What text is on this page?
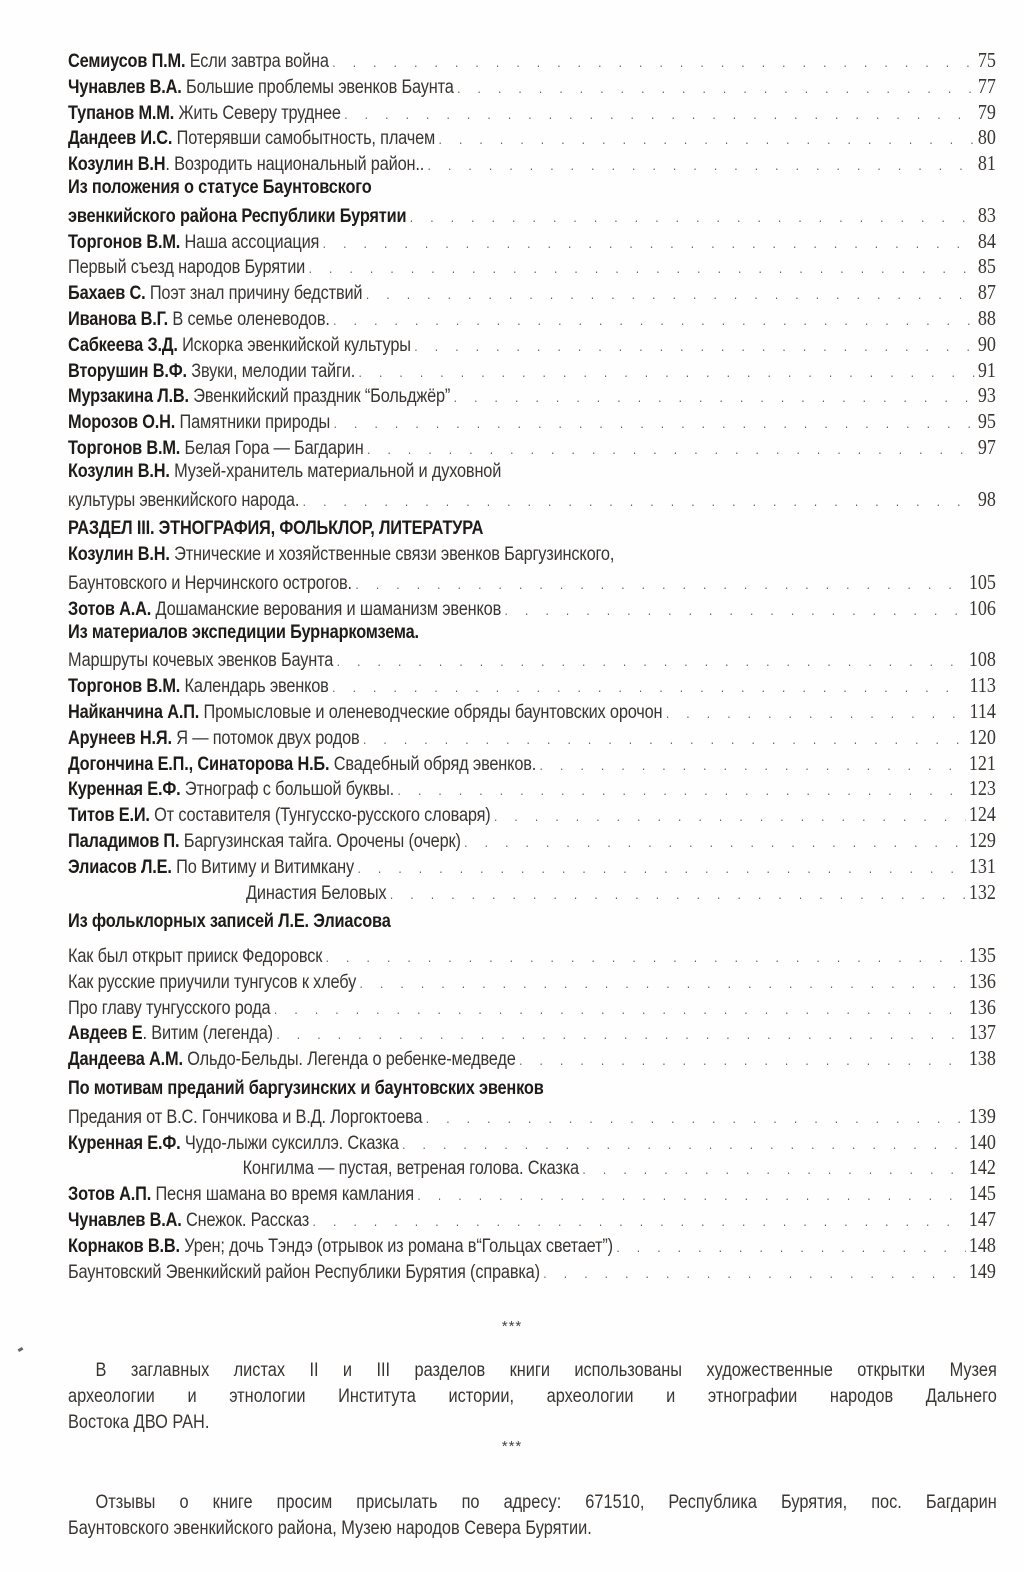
Семиусов П.М. Если завтра война . . .	75
Чунавлев В.А. Большие проблемы эвенков Баунта . . .	77
Тупанов М.М. Жить Северу труднее . . .	79
Дандеев И.С. Потерявши самобытность, плачем . . .	80
Козулин В.Н. Возродить национальный район.. . . .	81
Из положения о статусе Баунтовского
эвенкийского района Республики Бурятии . . .	83
Торгонов В.М. Наша ассоциация . . .	84
Первый съезд народов Бурятии . . .	85
Бахаев С. Поэт знал причину бедствий . . .	87
Иванова В.Г. В семье оленеводов. . . .	88
Сабкеева З.Д. Искорка эвенкийской культуры . . .	90
Вторушин В.Ф. Звуки, мелодии тайги. . . .	91
Мурзакина Л.В. Эвенкийский праздник “Больджёр” . . .	93
Морозов О.Н. Памятники природы . . .	95
Торгонов В.М. Белая Гора — Багдарин . . .	97
Козулин В.Н. Музей-хранитель материальной и духовной
культуры эвенкийского народа. . . .	98
РАЗДЕЛ III. ЭТНОГРАФИЯ, ФОЛЬКЛОР, ЛИТЕРАТУРА
Козулин В.Н. Этнические и хозяйственные связи эвенков Баргузинского,
Баунтовского и Нерчинского острогов. . . .	105
Зотов А.А. Дошаманские верования и шаманизм эвенков . . .	106
Из материалов экспедиции Бурнаркомзема.
Маршруты кочевых эвенков Баунта . . .	108
Торгонов В.М. Календарь эвенков . . .	113
Найканчина А.П. Промысловые и оленеводческие обряды баунтовских орочон . . .	114
Арунеев Н.Я. Я — потомок двух родов . . .	120
Догончина Е.П., Синаторова Н.Б. Свадебный обряд эвенков. . . .	121
Куренная Е.Ф. Этнограф с большой буквы. . . .	123
Титов Е.И. От составителя (Тунгусско-русского словаря) . . .	124
Паладимов П. Баргузинская тайга. Орочены (очерк) . . .	129
Элиасов Л.Е. По Витиму и Витимкану . . .	131
Династия Беловых . . .	132
Из фольклорных записей Л.Е. Элиасова
Как был открыт прииск Федоровск . . .	135
Как русские приучили тунгусов к хлебу . . .	136
Про главу тунгусского рода . . .	136
Авдеев Е. Витим (легенда) . . .	137
Дандеева А.М. Ольдо-Бельды. Легенда о ребенке-медведе . . .	138
По мотивам преданий баргузинских и баунтовских эвенков
Предания от В.С. Гончикова и В.Д. Лоргоктоева . . .	139
Куренная Е.Ф. Чудо-лыжи суксиллэ. Сказка . . .	140
Конгилма — пустая, ветреная голова. Сказка . . .	142
Зотов А.П. Песня шамана во время камлания . . .	145
Чунавлев В.А. Снежок. Рассказ . . .	147
Корнаков В.В. Урен; дочь Тэндэ (отрывок из романа в“Гольцах светает”) . . .	148
Баунтовский Эвенкийский район Республики Бурятия (справка) . . .	149
***
В заглавных листах II и III разделов книги использованы художественные открытки Музея
археологии и этнологии Института истории, археологии и этнографии народов Дальнего
Востока ДВО РАН.
***
Отзывы о книге просим присылать по адресу: 671510, Республика Бурятия, пос. Багдарин
Баунтовского эвенкийского района, Музею народов Севера Бурятии.
